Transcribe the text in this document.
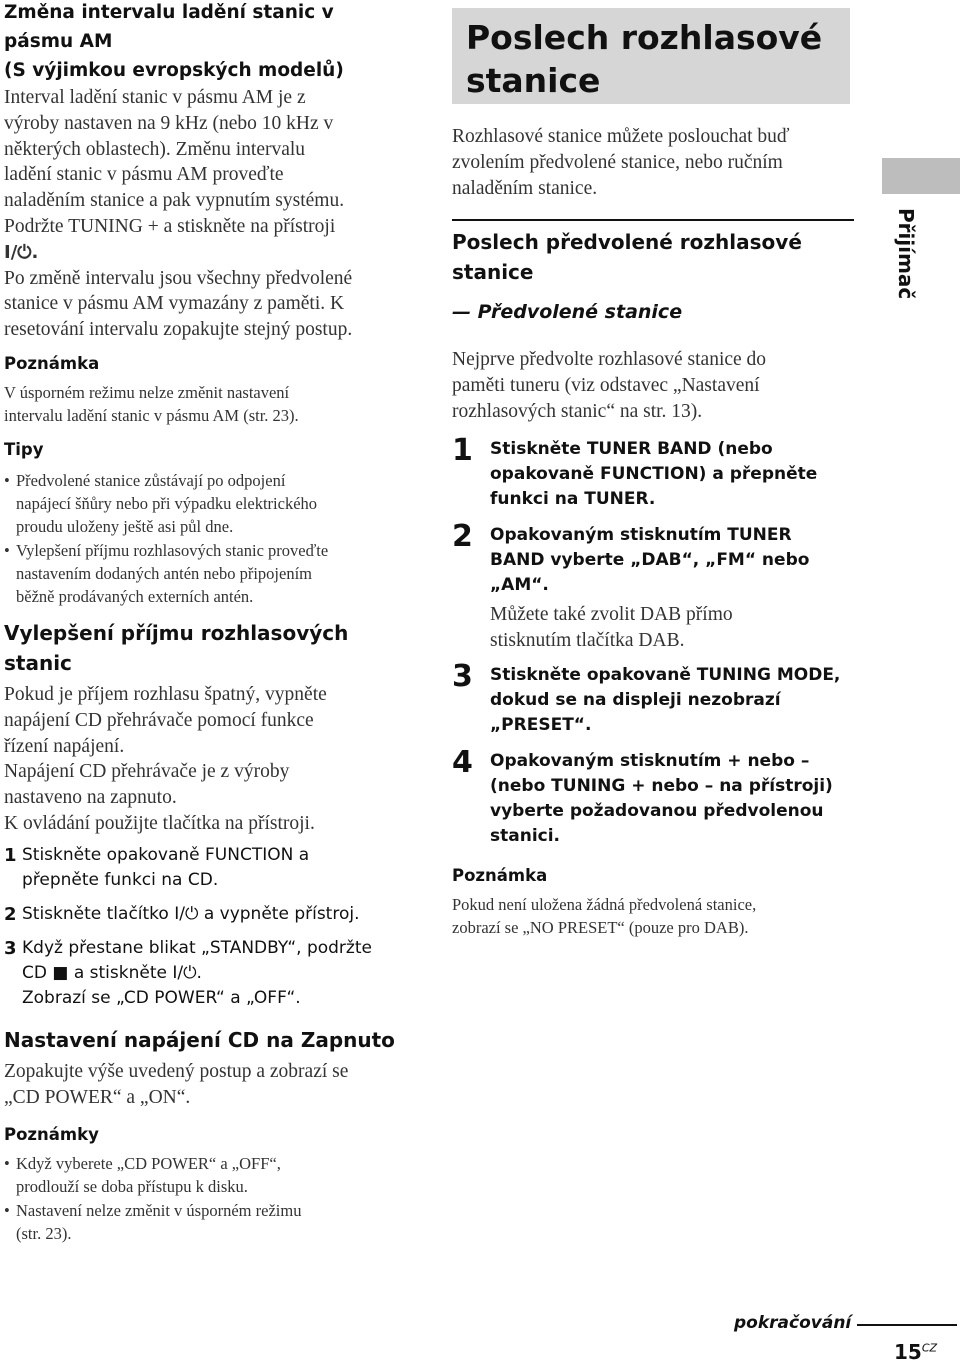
Změna intervalu ladění stanic v
pásmu AM
(S výjimkou evropských modelů)

Interval ladění stanic v pásmu AM je z
výroby nastaven na 9 kHz (nebo 10 kHz v
některých oblastech). Změnu intervalu
ladění stanic v pásmu AM proveďte
naladěním stanice a pak vypnutím systému.
Podržte TUNING + a stiskněte na přístroji
I/⏻.
Po změně intervalu jsou všechny předvolené
stanice v pásmu AM vymazány z paměti. K
resetování intervalu zopakujte stejný postup.

Poznámka

V úsporném režimu nelze změnit nastavení
intervalu ladění stanic v pásmu AM (str. 23).

Tipy
• Předvolené stanice zůstávají po odpojení
napájecí šňůry nebo při výpadku elektrického
proudu uloženy ještě asi půl dne.
• Vylepšení příjmu rozhlasových stanic proveďte
nastavením dodaných antén nebo připojením
běžně prodávaných externích antén.
Vylepšení příjmu rozhlasových
stanic

Pokud je příjem rozhlasu špatný, vypněte
napájení CD přehrávače pomocí funkce
řízení napájení.
Napájení CD přehrávače je z výroby
nastaveno na zapnuto.
K ovládání použijte tlačítka na přístroji.

1 Stiskněte opakovaně FUNCTION a
přepněte funkci na CD.
2 Stiskněte tlačítko I/⏻ a vypněte přístroj.
3 Když přestane blikat „STANDBY“, podržte
CD ■ a stiskněte I/⏻.
Zobrazí se „CD POWER“ a „OFF“.
Nastavení napájení CD na Zapnuto

Zopakujte výše uvedený postup a zobrazí se
„CD POWER“ a „ON“.

Poznámky
• Když vyberete „CD POWER“ a „OFF“,
prodlouží se doba přístupu k disku.
• Nastavení nelze změnit v úsporném režimu
(str. 23).
Poslech rozhlasové
stanice

Rozhlasové stanice můžete poslouchat buď
zvolením předvolené stanice, nebo ručním
naladěním stanice.

Poslech předvolené rozhlasové
stanice
— Předvolené stanice

Nejprve předvolte rozhlasové stanice do
paměti tuneru (viz odstavec „Nastavení
rozhlasových stanic“ na str. 13).

1 Stiskněte TUNER BAND (nebo
opakovaně FUNCTION) a přepněte
funkci na TUNER.
2 Opakovaným stisknutím TUNER
BAND vyberte „DAB“, „FM“ nebo
„AM“.

Můžete také zvolit DAB přímo
stisknutím tlačítka DAB.

3 Stiskněte opakovaně TUNING MODE,
dokud se na displeji nezobrazí
„PRESET“.
4 Opakovaným stisknutím + nebo –
(nebo TUNING + nebo – na přístroji)
vyberte požadovanou předvolenou
stanici.
Poznámka

Pokud není uložena žádná předvolená stanice,
zobrazí se „NO PRESET“ (pouze pro DAB).

Přijímač
pokračování
$15^{CZ}$
